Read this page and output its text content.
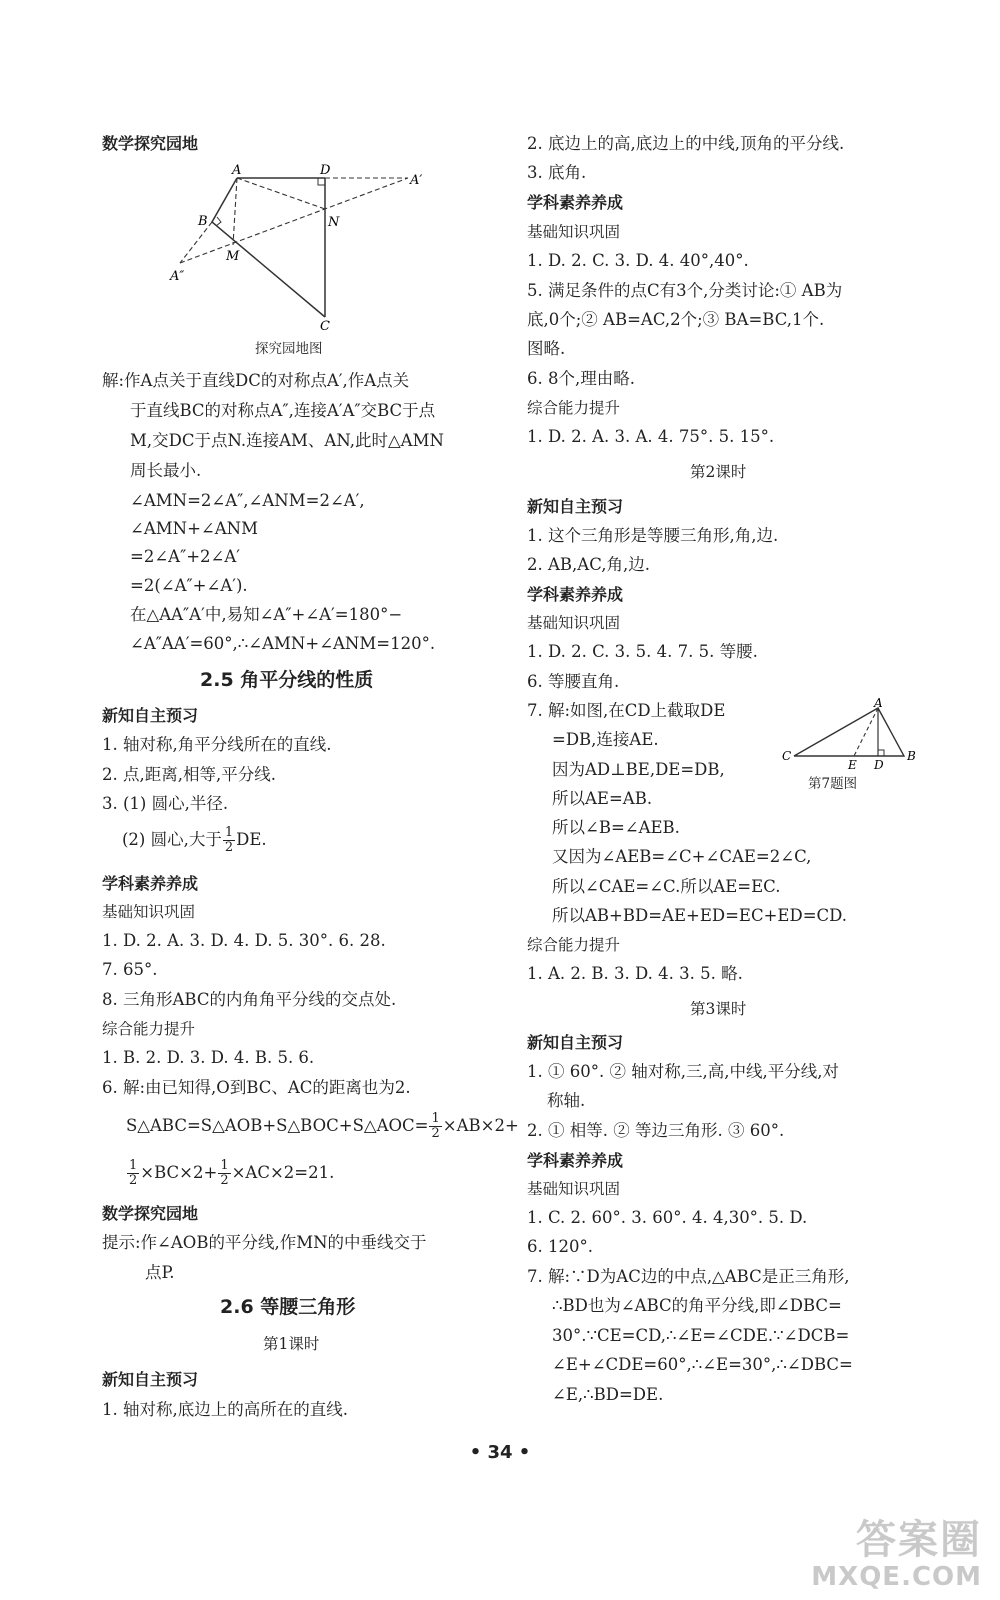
数学探究园地
A	D
A′
B	N
M
A″
C
探究园地图
解:作A点关于直线DC的对称点A′,作A点关
于直线BC的对称点A″,连接A′A″交BC于点
M,交DC于点N.连接AM、AN,此时△AMN
周长最小.
∠AMN=2∠A″,∠ANM=2∠A′,
∠AMN+∠ANM
=2∠A″+2∠A′
=2(∠A″+∠A′).
在△AA″A′中,易知∠A″+∠A′=180°−
∠A″AA′=60°,∴∠AMN+∠ANM=120°.
2.5 角平分线的性质
新知自主预习
1. 轴对称,角平分线所在的直线.
2. 点,距离,相等,平分线.
3. (1) 圆心,半径.
(2) 圆心,大于 $\frac{1}{2}$ DE.
学科素养养成
基础知识巩固
1. D. 2. A. 3. D. 4. D. 5. 30°. 6. 28.
7. 65°.
8. 三角形ABC的内角角平分线的交点处.
综合能力提升
1. B. 2. D. 3. D. 4. B. 5. 6.
6. 解:由已知得,O到BC、AC的距离也为2.
S△ABC=S△AOB+S△BOC+S△AOC= $\frac{1}{2} \times AB\times 2+$
$\frac{1}{2} \times BC\times 2+ \frac{1}{2} \times AC\times 2=21$.
数学探究园地
提示:作∠AOB的平分线,作MN的中垂线交于
点P.
2.6 等腰三角形
第1课时
新知自主预习
1. 轴对称,底边上的高所在的直线.
2. 底边上的高,底边上的中线,顶角的平分线.
3. 底角.
学科素养养成
基础知识巩固
1. D. 2. C. 3. D. 4. 40°,40°.
5. 满足条件的点C有3个,分类讨论:① AB为
底,0个;② AB=AC,2个;③ BA=BC,1个.
图略.
6. 8个,理由略.
综合能力提升
1. D. 2. A. 3. A. 4. 75°. 5. 15°.
第2课时
新知自主预习
1. 这个三角形是等腰三角形,角,边.
2. AB,AC,角,边.
学科素养养成
基础知识巩固
1. D. 2. C. 3. 5. 4. 7. 5. 等腰.
6. 等腰直角.
7. 解:如图,在CD上截取DE
=DB,连接AE.
因为AD⊥BE,DE=DB,
所以AE=AB.
所以∠B=∠AEB.
A
C	B
E D
第7题图
又因为∠AEB=∠C+∠CAE=2∠C,
所以∠CAE=∠C.所以AE=EC.
所以AB+BD=AE+ED=EC+ED=CD.
综合能力提升
1. A. 2. B. 3. D. 4. 3. 5. 略.
第3课时
新知自主预习
1. ① 60°. ② 轴对称,三,高,中线,平分线,对
称轴.
2. ① 相等. ② 等边三角形. ③ 60°.
学科素养养成
基础知识巩固
1. C. 2. 60°. 3. 60°. 4. 4,30°. 5. D.
6. 120°.
7. 解:∵D为AC边的中点,△ABC是正三角形,
∴BD也为∠ABC的角平分线,即∠DBC=
30°.∵CE=CD,∴∠E=∠CDE.∵∠DCB=
∠E+∠CDE=60°,∴∠E=30°,∴∠DBC=
∠E,∴BD=DE.
• 34 •
答案圈
MXQE.COM
